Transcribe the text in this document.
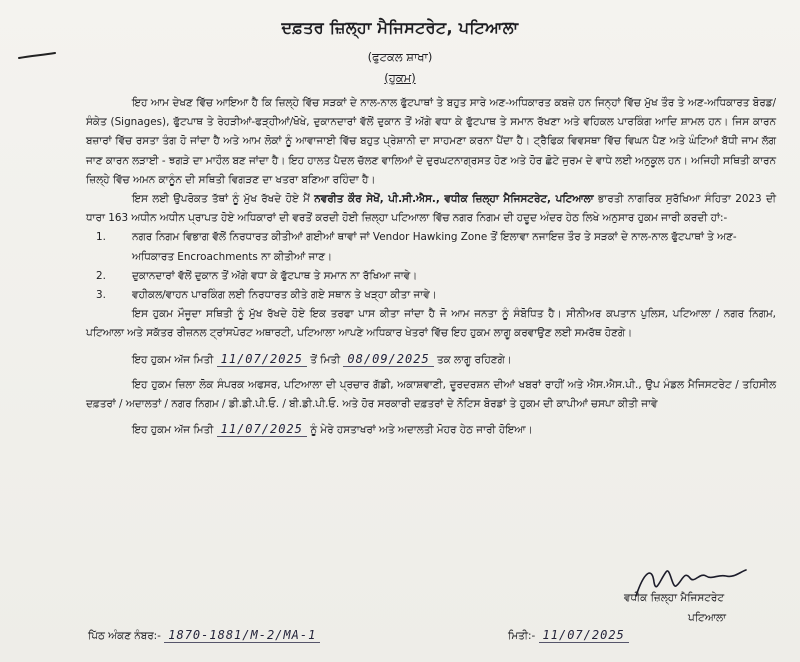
ਦਫ਼ਤਰ ਜ਼ਿਲ੍ਹਾ ਮੈਜਿਸਟਰੇਟ, ਪਟਿਆਲਾ
(ਫੁਟਕਲ ਸ਼ਾਖਾ)
(ਹੁਕਮ)

ਇਹ ਆਮ ਦੇਖਣ ਵਿੱਚ ਆਇਆ ਹੈ ਕਿ ਜ਼ਿਲ੍ਹੇ ਵਿੱਚ ਸੜਕਾਂ ਦੇ ਨਾਲ-ਨਾਲ ਫੁੱਟਪਾਥਾਂ ਤੇ ਬਹੁਤ ਸਾਰੇ ਅਣ-ਅਧਿਕਾਰਤ ਕਬਜ਼ੇ ਹਨ ਜਿਨ੍ਹਾਂ ਵਿੱਚ ਮੁੱਖ ਤੌਰ ਤੇ ਅਣ-ਅਧਿਕਾਰਤ ਬੋਰਡ/ਸੰਕੇਤ (Signages), ਫੁੱਟਪਾਥ ਤੇ ਰੇਹੜੀਆਂ-ਫੜ੍ਹੀਆਂ/ਖੋਖੇ, ਦੁਕਾਨਦਾਰਾਂ ਵੱਲੋਂ ਦੁਕਾਨ ਤੋਂ ਅੱਗੇ ਵਧਾ ਕੇ ਫੁੱਟਪਾਥ ਤੇ ਸਮਾਨ ਰੱਖਣਾ ਅਤੇ ਵਹਿਕਲ ਪਾਰਕਿੰਗ ਆਦਿ ਸ਼ਾਮਲ ਹਨ। ਜਿਸ ਕਾਰਨ ਬਜ਼ਾਰਾਂ ਵਿੱਚ ਰਸਤਾ ਤੰਗ ਹੋ ਜਾਂਦਾ ਹੈ ਅਤੇ ਆਮ ਲੋਕਾਂ ਨੂੰ ਆਵਾਜਾਈ ਵਿੱਚ ਬਹੁਤ ਪ੍ਰੇਸ਼ਾਨੀ ਦਾ ਸਾਹਮਣਾ ਕਰਨਾ ਪੈਂਦਾ ਹੈ। ਟ੍ਰੈਫਿਕ ਵਿਵਸਥਾ ਵਿੱਚ ਵਿਘਨ ਪੈਣ ਅਤੇ ਘੰਟਿਆਂ ਬੱਧੀ ਜਾਮ ਲੱਗ ਜਾਣ ਕਾਰਨ ਲੜਾਈ - ਝਗੜੇ ਦਾ ਮਾਹੌਲ ਬਣ ਜਾਂਦਾ ਹੈ। ਇਹ ਹਾਲਤ ਪੈਦਲ ਚੱਲਣ ਵਾਲਿਆਂ ਦੇ ਦੁਰਘਟਨਾਗ੍ਰਸਤ ਹੋਣ ਅਤੇ ਹੋਰ ਛੋਟੇ ਜੁਰਮ ਦੇ ਵਾਧੇ ਲਈ ਅਨੁਕੂਲ ਹਨ। ਅਜਿਹੀ ਸਥਿਤੀ ਕਾਰਨ ਜ਼ਿਲ੍ਹੇ ਵਿੱਚ ਅਮਨ ਕਾਨੂੰਨ ਦੀ ਸਥਿਤੀ ਵਿਗੜਣ ਦਾ ਖਤਰਾ ਬਣਿਆ ਰਹਿੰਦਾ ਹੈ।

ਇਸ ਲਈ ਉਪਰੋਕਤ ਤੱਥਾਂ ਨੂੰ ਮੁੱਖ ਰੱਖਦੇ ਹੋਏ ਮੈਂ ਨਵਰੀਤ ਕੌਰ ਸੇਖੋਂ, ਪੀ.ਸੀ.ਐਸ., ਵਧੀਕ ਜ਼ਿਲ੍ਹਾ ਮੈਜਿਸਟਰੇਟ, ਪਟਿਆਲਾ ਭਾਰਤੀ ਨਾਗਰਿਕ ਸੁਰੱਖਿਆ ਸੰਹਿਤਾ 2023 ਦੀ ਧਾਰਾ 163 ਅਧੀਨ ਅਧੀਨ ਪ੍ਰਾਪਤ ਹੋਏ ਅਧਿਕਾਰਾਂ ਦੀ ਵਰਤੋਂ ਕਰਦੀ ਹੋਈ ਜ਼ਿਲ੍ਹਾ ਪਟਿਆਲਾ ਵਿੱਚ ਨਗਰ ਨਿਗਮ ਦੀ ਹਦੂਦ ਅੰਦਰ ਹੇਠ ਲਿਖੇ ਅਨੁਸਾਰ ਹੁਕਮ ਜਾਰੀ ਕਰਦੀ ਹਾਂ:-

1.	ਨਗਰ ਨਿਗਮ ਵਿਭਾਗ ਵੱਲੋਂ ਨਿਰਧਾਰਤ ਕੀਤੀਆਂ ਗਈਆਂ ਥਾਵਾਂ ਜਾਂ Vendor Hawking Zone ਤੋਂ ਇਲਾਵਾ ਨਜਾਇਜ਼ ਤੌਰ ਤੇ ਸੜਕਾਂ ਦੇ ਨਾਲ-ਨਾਲ ਫੁੱਟਪਾਥਾਂ ਤੇ ਅਣ-ਅਧਿਕਾਰਤ Encroachments ਨਾ ਕੀਤੀਆਂ ਜਾਣ।
2.	ਦੁਕਾਨਦਾਰਾਂ ਵੱਲੋਂ ਦੁਕਾਨ ਤੋਂ ਅੱਗੇ ਵਧਾ ਕੇ ਫੁੱਟਪਾਥ ਤੇ ਸਮਾਨ ਨਾ ਰੱਖਿਆ ਜਾਵੇ।
3.	ਵਹੀਕਲ/ਵਾਹਨ ਪਾਰਕਿੰਗ ਲਈ ਨਿਰਧਾਰਤ ਕੀਤੇ ਗਏ ਸਥਾਨ ਤੇ ਖੜ੍ਹਾ ਕੀਤਾ ਜਾਵੇ।

ਇਸ ਹੁਕਮ ਮੌਜੂਦਾ ਸਥਿਤੀ ਨੂੰ ਮੁੱਖ ਰੱਖਦੇ ਹੋਏ ਇਕ ਤਰਫਾ ਪਾਸ ਕੀਤਾ ਜਾਂਦਾ ਹੈ ਜੋ ਆਮ ਜਨਤਾ ਨੂੰ ਸੰਬੋਧਿਤ ਹੈ। ਸੀਨੀਅਰ ਕਪਤਾਨ ਪੁਲਿਸ, ਪਟਿਆਲਾ / ਨਗਰ ਨਿਗਮ, ਪਟਿਆਲਾ ਅਤੇ ਸਕੱਤਰ ਰੀਜ਼ਨਲ ਟ੍ਰਾਂਸਪੋਰਟ ਅਥਾਰਟੀ, ਪਟਿਆਲਾ ਆਪਣੇ ਅਧਿਕਾਰ ਖੇਤਰਾਂ ਵਿੱਚ ਇਹ ਹੁਕਮ ਲਾਗੂ ਕਰਵਾਉਣ ਲਈ ਸਮਰੱਥ ਹੋਣਗੇ।

ਇਹ ਹੁਕਮ ਅੱਜ ਮਿਤੀ 11/07/2025 ਤੋਂ ਮਿਤੀ 08/09/2025 ਤਕ ਲਾਗੂ ਰਹਿਣਗੇ।

ਇਹ ਹੁਕਮ ਜ਼ਿਲਾ ਲੋਕ ਸੰਪਰਕ ਅਫਸਰ, ਪਟਿਆਲਾ ਦੀ ਪ੍ਰਚਾਰ ਗੱਡੀ, ਅਕਾਸ਼ਵਾਣੀ, ਦੂਰਦਰਸ਼ਨ ਦੀਆਂ ਖਬਰਾਂ ਰਾਹੀਂ ਅਤੇ ਐਸ.ਐਸ.ਪੀ., ਉਪ ਮੰਡਲ ਮੈਜਿਸਟਰੇਟ / ਤਹਿਸੀਲ ਦਫ਼ਤਰਾਂ / ਅਦਾਲਤਾਂ / ਨਗਰ ਨਿਗਮ / ਡੀ.ਡੀ.ਪੀ.ਓ. / ਬੀ.ਡੀ.ਪੀ.ਓ. ਅਤੇ ਹੋਰ ਸਰਕਾਰੀ ਦਫ਼ਤਰਾਂ ਦੇ ਨੋਟਿਸ ਬੋਰਡਾਂ ਤੇ ਹੁਕਮ ਦੀ ਕਾਪੀਆਂ ਚਸਪਾ ਕੀਤੀ ਜਾਵੇ

ਇਹ ਹੁਕਮ ਅੱਜ ਮਿਤੀ 11/07/2025 ਨੂੰ ਮੇਰੇ ਹਸਤਾਖਰਾਂ ਅਤੇ ਅਦਾਲਤੀ ਮੋਹਰ ਹੇਠ ਜਾਰੀ ਹੋਇਆ।

ਵਧੀਕ ਜ਼ਿਲ੍ਹਾ ਮੈਜਿਸਟਰੇਟ
ਪਟਿਆਲਾ
ਪਿੱਠ ਅੰਕਣ ਨੰਬਰ:- 1870-1881/M-2/MA-1	ਮਿਤੀ:- 11/07/2025
